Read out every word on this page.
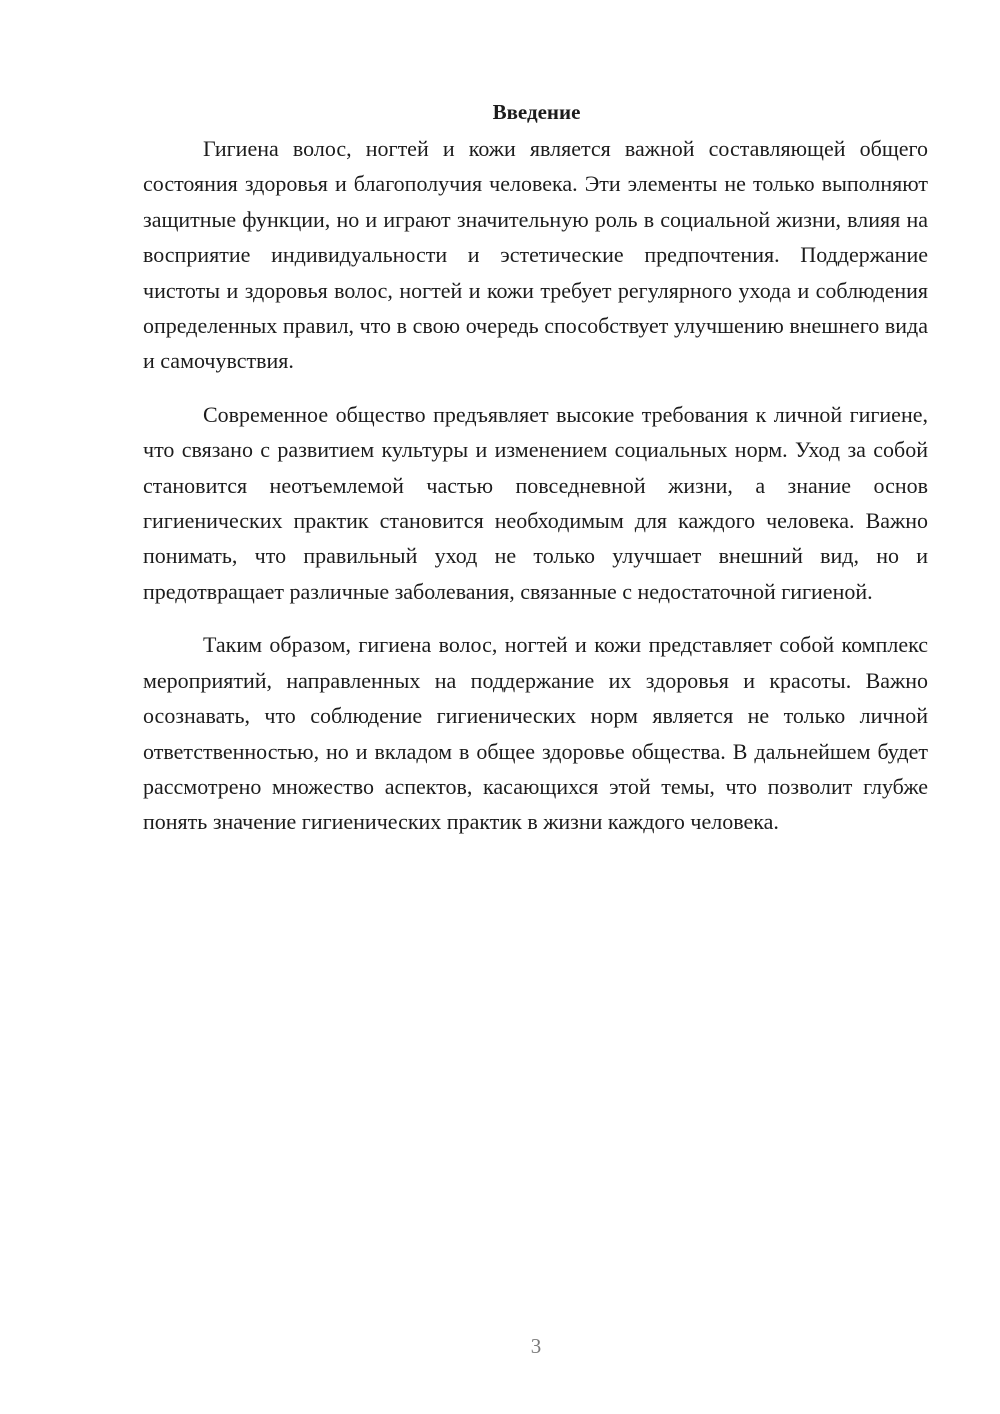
Введение

Гигиена волос, ногтей и кожи является важной составляющей общего состояния здоровья и благополучия человека. Эти элементы не только выполняют защитные функции, но и играют значительную роль в социальной жизни, влияя на восприятие индивидуальности и эстетические предпочтения. Поддержание чистоты и здоровья волос, ногтей и кожи требует регулярного ухода и соблюдения определенных правил, что в свою очередь способствует улучшению внешнего вида и самочувствия.

Современное общество предъявляет высокие требования к личной гигиене, что связано с развитием культуры и изменением социальных норм. Уход за собой становится неотъемлемой частью повседневной жизни, а знание основ гигиенических практик становится необходимым для каждого человека. Важно понимать, что правильный уход не только улучшает внешний вид, но и предотвращает различные заболевания, связанные с недостаточной гигиеной.

Таким образом, гигиена волос, ногтей и кожи представляет собой комплекс мероприятий, направленных на поддержание их здоровья и красоты. Важно осознавать, что соблюдение гигиенических норм является не только личной ответственностью, но и вкладом в общее здоровье общества. В дальнейшем будет рассмотрено множество аспектов, касающихся этой темы, что позволит глубже понять значение гигиенических практик в жизни каждого человека.

3
